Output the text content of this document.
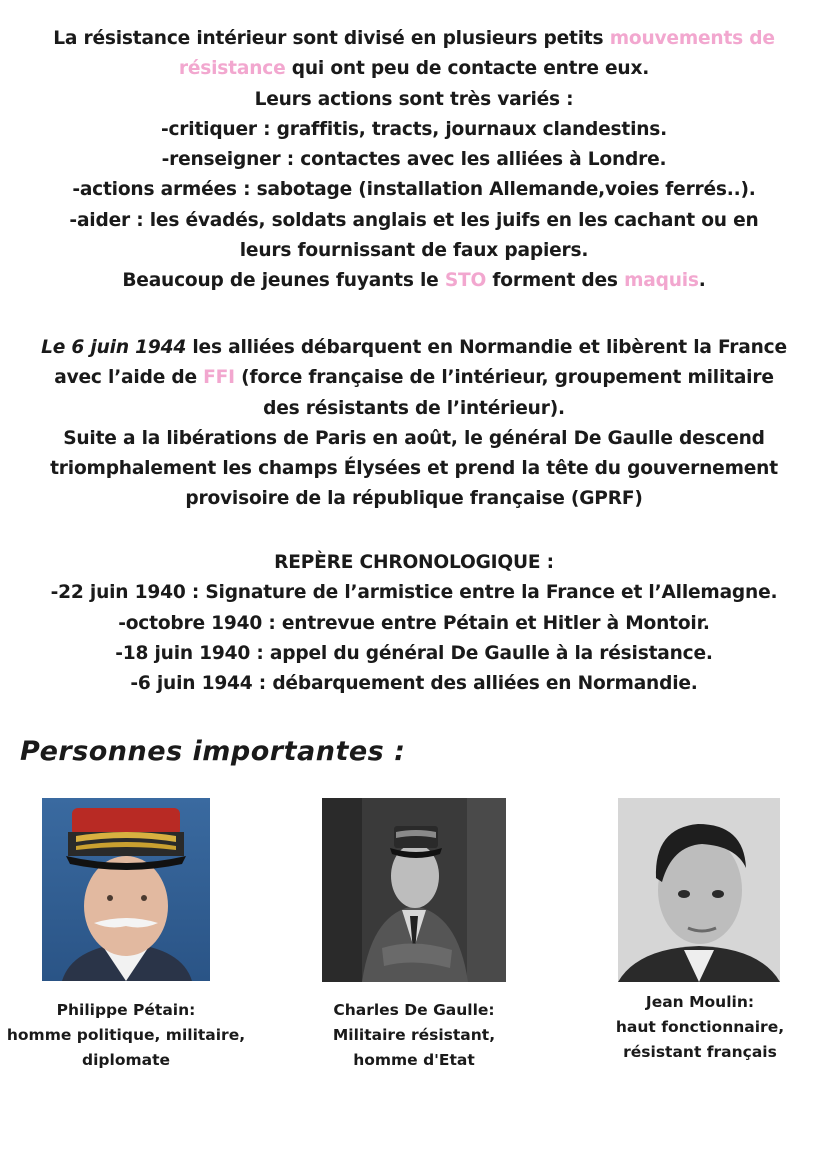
La résistance intérieur sont divisé en plusieurs petits mouvements de
résistance qui ont peu de contacte entre eux.
Leurs actions sont très variés :
-critiquer : graffitis, tracts, journaux clandestins.
-renseigner : contactes avec les alliées à Londre.
-actions armées : sabotage (installation Allemande,voies ferrés..).
-aider : les évadés, soldats anglais et les juifs en les cachant ou en
leurs fournissant de faux papiers.
Beaucoup de jeunes fuyants le STO forment des maquis.
Le 6 juin 1944 les alliées débarquent en Normandie et libèrent la France
avec l’aide de FFI (force française de l’intérieur, groupement militaire
des résistants de l’intérieur).
Suite a la libérations de Paris en août, le général De Gaulle descend
triomphalement les champs Élysées et prend la tête du gouvernement
provisoire de la république française (GPRF)
REPÈRE CHRONOLOGIQUE :
-22 juin 1940 : Signature de l’armistice entre la France et l’Allemagne.
-octobre 1940 : entrevue entre Pétain et Hitler à Montoir.
-18 juin 1940 : appel du général De Gaulle à la résistance.
-6 juin 1944 : débarquement des alliées en Normandie.
Personnes importantes :
Philippe Pétain:
homme politique, militaire,
diplomate
Charles De Gaulle:
Militaire résistant,
homme d'Etat
Jean Moulin:
haut fonctionnaire,
résistant français
